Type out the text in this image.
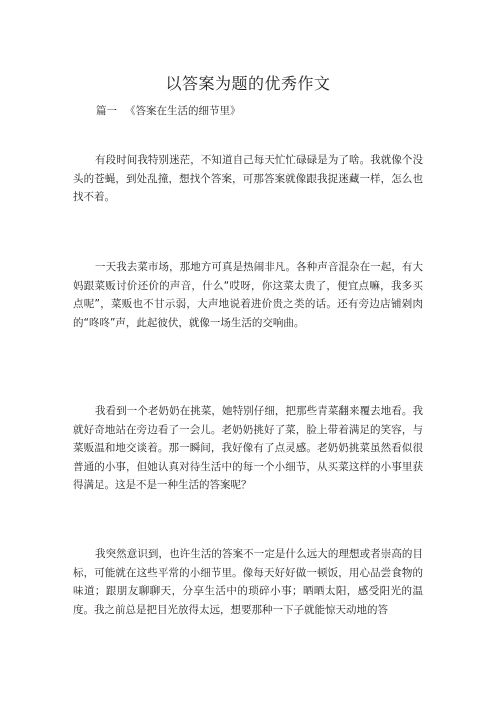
以答案为题的优秀作文
篇一 《答案在生活的细节里》

有段时间我特别迷茫，不知道自己每天忙忙碌碌是为了啥。我就像个没头的苍蝇，到处乱撞，想找个答案，可那答案就像跟我捉迷藏一样，怎么也找不着。

一天我去菜市场，那地方可真是热闹非凡。各种声音混杂在一起，有大妈跟菜贩讨价还价的声音，什么“哎呀，你这菜太贵了，便宜点嘛，我多买点呢”，菜贩也不甘示弱，大声地说着进价贵之类的话。还有旁边店铺剁肉的“咚咚”声，此起彼伏，就像一场生活的交响曲。

我看到一个老奶奶在挑菜，她特别仔细，把那些青菜翻来覆去地看。我就好奇地站在旁边看了一会儿。老奶奶挑好了菜，脸上带着满足的笑容，与菜贩温和地交谈着。那一瞬间，我好像有了点灵感。老奶奶挑菜虽然看似很普通的小事，但她认真对待生活中的每一个小细节，从买菜这样的小事里获得满足。这是不是一种生活的答案呢？

我突然意识到，也许生活的答案不一定是什么远大的理想或者崇高的目标，可能就在这些平常的小细节里。像每天好好做一顿饭，用心品尝食物的味道；跟朋友聊聊天，分享生活中的琐碎小事；晒晒太阳，感受阳光的温度。我之前总是把目光放得太远，想要那种一下子就能惊天动地的答
